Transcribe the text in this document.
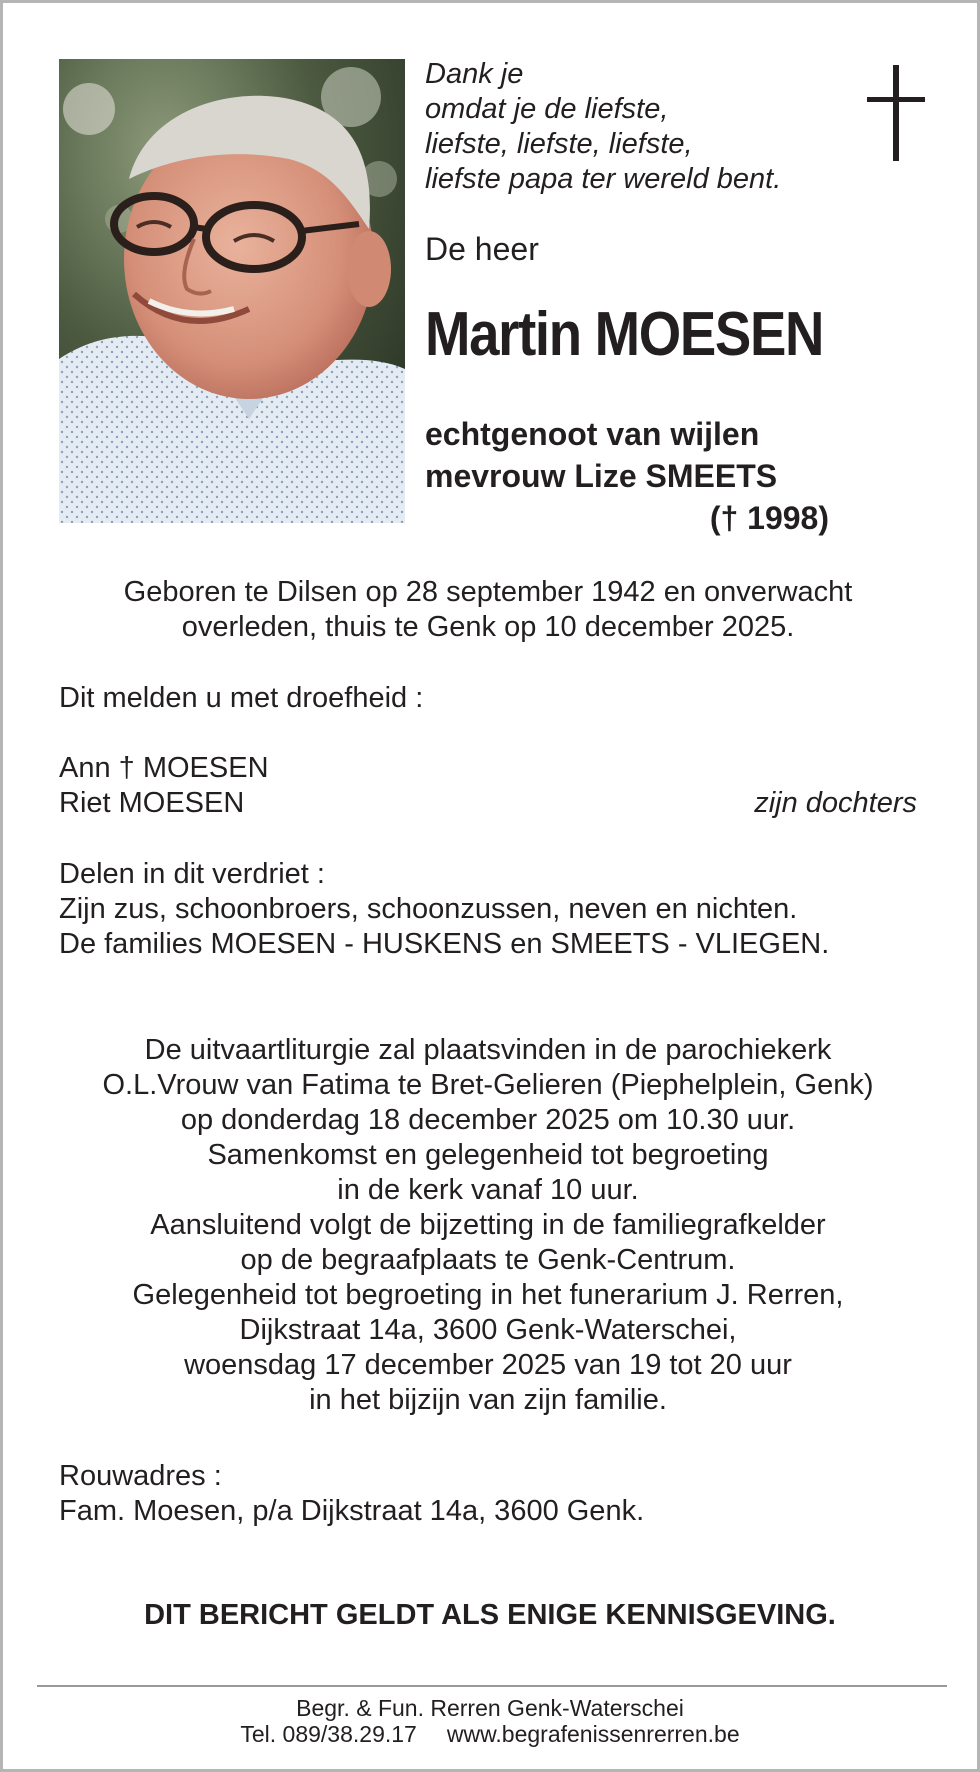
Dank je
omdat je de liefste,
liefste, liefste, liefste,
liefste papa ter wereld bent.
De heer
Martin MOESEN
echtgenoot van wijlen
mevrouw Lize SMEETS
(† 1998)
Geboren te Dilsen op 28 september 1942 en onverwacht
overleden, thuis te Genk op 10 december 2025.
Dit melden u met droefheid :
Ann † MOESEN
Riet MOESEN	zijn dochters
Delen in dit verdriet :
Zijn zus, schoonbroers, schoonzussen, neven en nichten.
De families MOESEN - HUSKENS en SMEETS - VLIEGEN.
De uitvaartliturgie zal plaatsvinden in de parochiekerk
O.L.Vrouw van Fatima te Bret-Gelieren (Piephelplein, Genk)
op donderdag 18 december 2025 om 10.30 uur.
Samenkomst en gelegenheid tot begroeting
in de kerk vanaf 10 uur.
Aansluitend volgt de bijzetting in de familiegrafkelder
op de begraafplaats te Genk-Centrum.
Gelegenheid tot begroeting in het funerarium J. Rerren,
Dijkstraat 14a, 3600 Genk-Waterschei,
woensdag 17 december 2025 van 19 tot 20 uur
in het bijzijn van zijn familie.
Rouwadres :
Fam. Moesen, p/a Dijkstraat 14a, 3600 Genk.
DIT BERICHT GELDT ALS ENIGE KENNISGEVING.
Begr. & Fun. Rerren Genk-Waterschei
Tel. 089/38.29.17 www.begrafenissenrerren.be
